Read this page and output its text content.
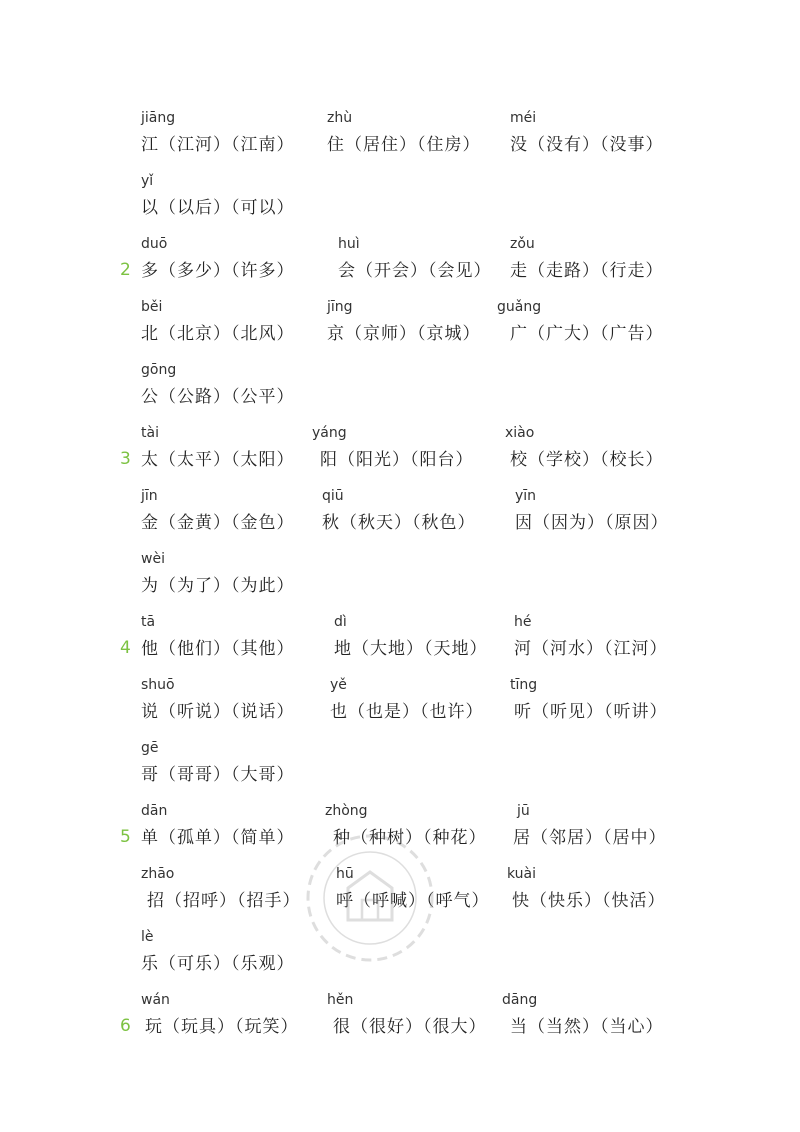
jiāng
江（江河）（江南）
zhù
住（居住）（住房）
méi
没（没有）（没事）
yǐ
以（以后）（可以）
2
duō
多（多少）（许多）
huì
会（开会）（会见）
zǒu
走（走路）（行走）
běi
北（北京）（北风）
jīng
京（京师）（京城）
guǎng
广（广大）（广告）
gōng
公（公路）（公平）
3
tài
太（太平）（太阳）
yáng
阳（阳光）（阳台）
xiào
校（学校）（校长）
jīn
金（金黄）（金色）
qiū
秋（秋天）（秋色）
yīn
因（因为）（原因）
wèi
为（为了）（为此）
4
tā
他（他们）（其他）
dì
地（大地）（天地）
hé
河（河水）（江河）
shuō
说（听说）（说话）
yě
也（也是）（也许）
tīng
听（听见）（听讲）
gē
哥（哥哥）（大哥）
5
dān
单（孤单）（简单）
zhòng
种（种树）（种花）
jū
居（邻居）（居中）
zhāo
招（招呼）（招手）
hū
呼（呼喊）（呼气）
kuài
快（快乐）（快活）
lè
乐（可乐）（乐观）
6
wán
玩（玩具）（玩笑）
hěn
很（很好）（很大）
dāng
当（当然）（当心）
